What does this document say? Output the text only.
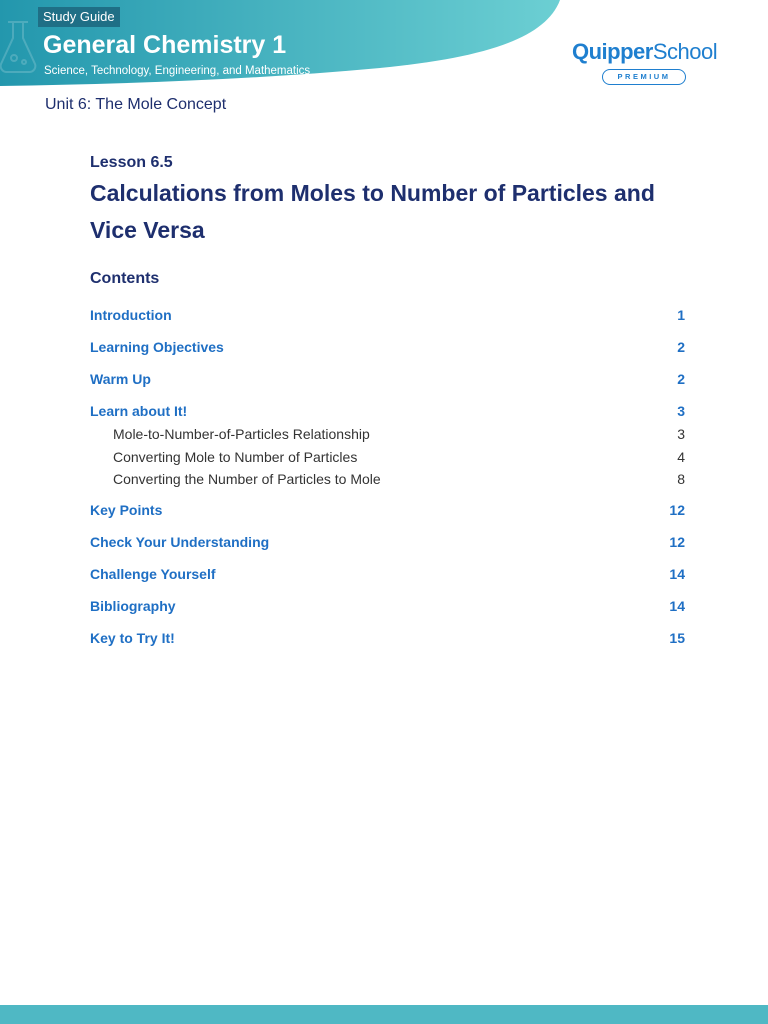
Study Guide
General Chemistry 1
Science, Technology, Engineering, and Mathematics
QuipperSchool
PREMIUM
Unit 6: The Mole Concept
Lesson 6.5
Calculations from Moles to Number of Particles and Vice Versa
Contents
Introduction	1
Learning Objectives	2
Warm Up	2
Learn about It!	3
Mole-to-Number-of-Particles Relationship	3
Converting Mole to Number of Particles	4
Converting the Number of Particles to Mole	8
Key Points	12
Check Your Understanding	12
Challenge Yourself	14
Bibliography	14
Key to Try It!	15
